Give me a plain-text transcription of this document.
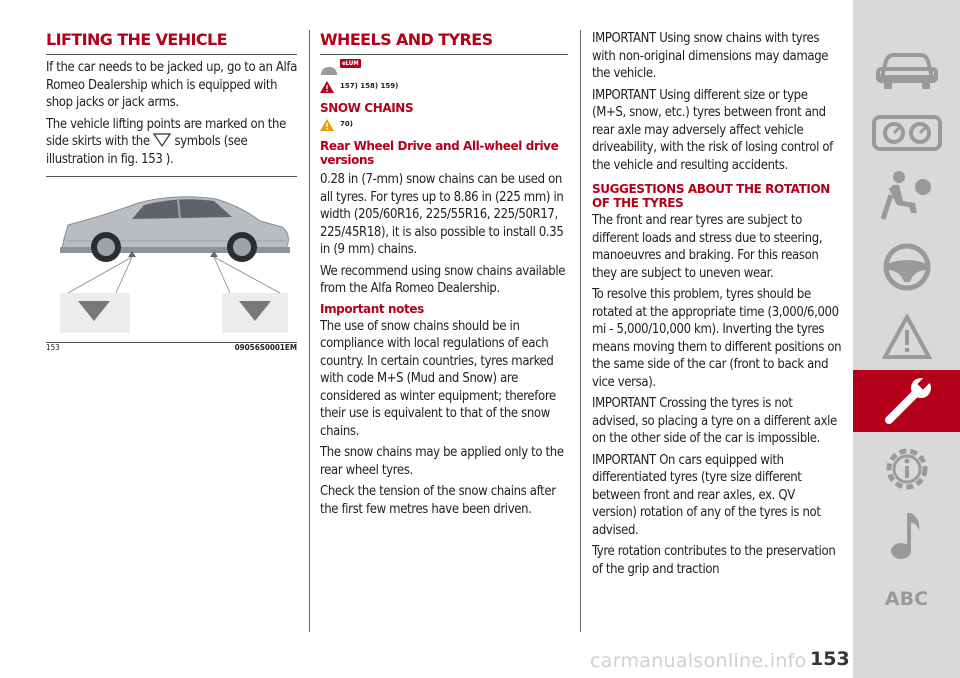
LIFTING THE VEHICLE

If the car needs to be jacked up, go to an Alfa Romeo Dealership which is equipped with shop jacks or jack arms.

The vehicle lifting points are marked on the side skirts with the symbols (see illustration in fig. 153 ).

153	09056S0001EM
WHEELS AND TYRES
eLUM
157) 158) 159)
SNOW CHAINS
70)
Rear Wheel Drive and All-wheel drive versions

0.28 in (7-mm) snow chains can be used on all tyres. For tyres up to 8.86 in (225 mm) in width (205/60R16, 225/55R16, 225/50R17, 225/45R18), it is also possible to install 0.35 in (9 mm) chains.

We recommend using snow chains available from the Alfa Romeo Dealership.

Important notes

The use of snow chains should be in compliance with local regulations of each country. In certain countries, tyres marked with code M+S (Mud and Snow) are considered as winter equipment; therefore their use is equivalent to that of the snow chains.

The snow chains may be applied only to the rear wheel tyres.

Check the tension of the snow chains after the first few metres have been driven.

IMPORTANT Using snow chains with tyres with non-original dimensions may damage the vehicle.

IMPORTANT Using different size or type (M+S, snow, etc.) tyres between front and rear axle may adversely affect vehicle driveability, with the risk of losing control of the vehicle and resulting accidents.

SUGGESTIONS ABOUT THE ROTATION OF THE TYRES

The front and rear tyres are subject to different loads and stress due to steering, manoeuvres and braking. For this reason they are subject to uneven wear.

To resolve this problem, tyres should be rotated at the appropriate time (3,000/6,000 mi - 5,000/10,000 km). Inverting the tyres means moving them to different positions on the same side of the car (front to back and vice versa).

IMPORTANT Crossing the tyres is not advised, so placing a tyre on a different axle on the other side of the car is impossible.

IMPORTANT On cars equipped with differentiated tyres (tyre size different between front and rear axles, ex. QV version) rotation of any of the tyres is not advised.

Tyre rotation contributes to the preservation of the grip and traction

ABC
carmanualsonline.info 153
